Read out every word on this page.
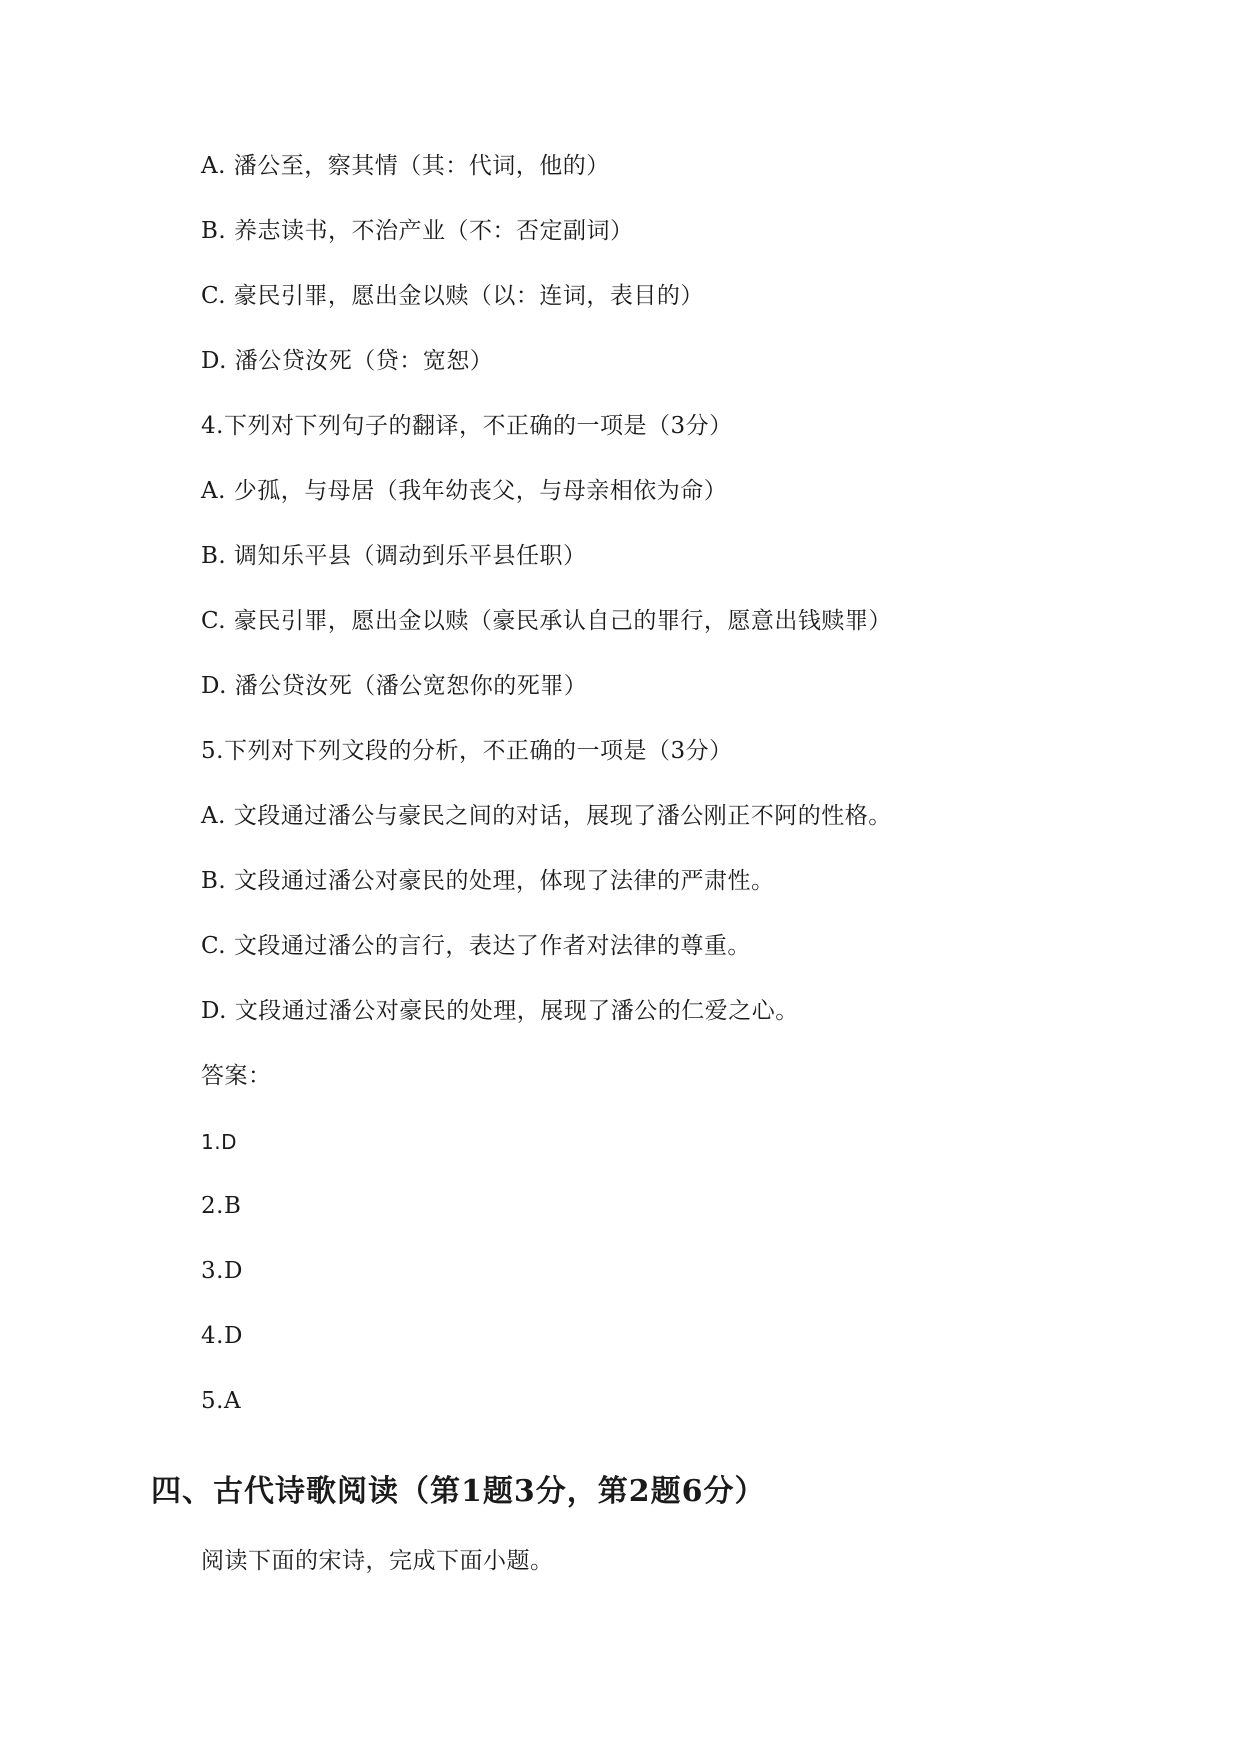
A. 潘公至，察其情（其：代词，他的）
B. 养志读书，不治产业（不：否定副词）
C. 豪民引罪，愿出金以赎（以：连词，表目的）
D. 潘公贷汝死（贷：宽恕）
4.下列对下列句子的翻译，不正确的一项是（3分）
A. 少孤，与母居（我年幼丧父，与母亲相依为命）
B. 调知乐平县（调动到乐平县任职）
C. 豪民引罪，愿出金以赎（豪民承认自己的罪行，愿意出钱赎罪）
D. 潘公贷汝死（潘公宽恕你的死罪）
5.下列对下列文段的分析，不正确的一项是（3分）
A. 文段通过潘公与豪民之间的对话，展现了潘公刚正不阿的性格。
B. 文段通过潘公对豪民的处理，体现了法律的严肃性。
C. 文段通过潘公的言行，表达了作者对法律的尊重。
D. 文段通过潘公对豪民的处理，展现了潘公的仁爱之心。
答案：
1.D
2.B
3.D
4.D
5.A
四、古代诗歌阅读（第1题3分，第2题6分）
阅读下面的宋诗，完成下面小题。
